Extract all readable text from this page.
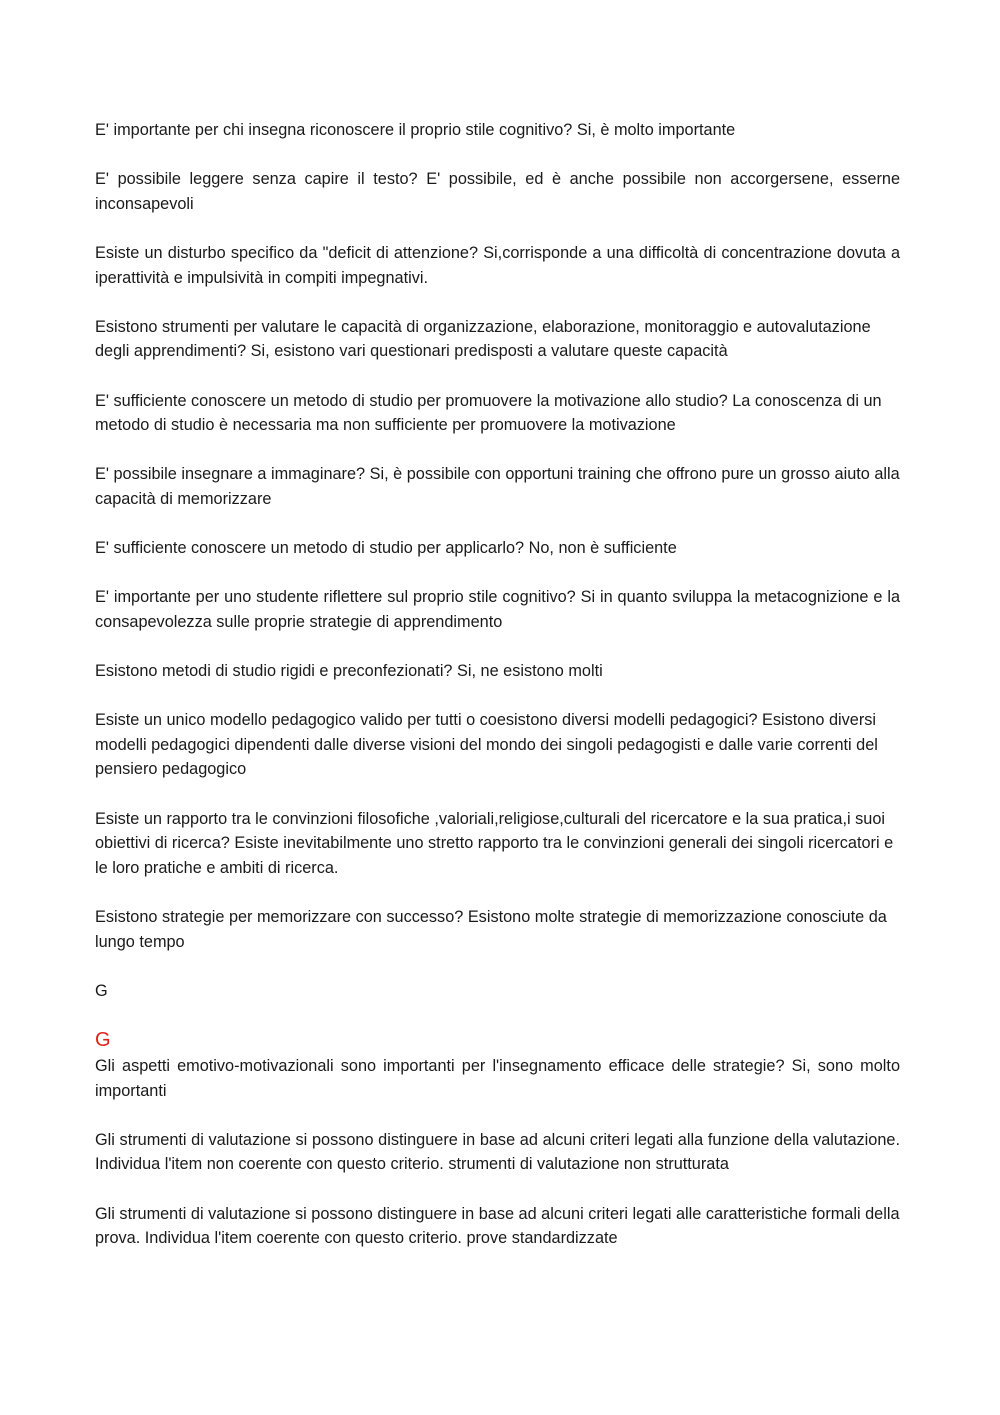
E' importante per chi insegna riconoscere il proprio stile cognitivo? Si, è molto importante

E' possibile leggere senza capire il testo? E' possibile, ed è anche possibile non accorgersene, esserne inconsapevoli

Esiste un disturbo specifico da "deficit di attenzione? Si,corrisponde a una difficoltà di concentrazione dovuta a iperattività e impulsività in compiti impegnativi.

Esistono strumenti per valutare le capacità di organizzazione, elaborazione, monitoraggio e autovalutazione degli apprendimenti? Si, esistono vari questionari predisposti a valutare queste capacità

E' sufficiente conoscere un metodo di studio per promuovere la motivazione allo studio? La conoscenza di un metodo di studio è necessaria ma non sufficiente per promuovere la motivazione

E' possibile insegnare a immaginare? Si, è possibile con opportuni training che offrono pure un grosso aiuto alla capacità di memorizzare

E' sufficiente conoscere un metodo di studio per applicarlo? No, non è sufficiente

E' importante per uno studente riflettere sul proprio stile cognitivo? Si in quanto sviluppa la metacognizione e la consapevolezza sulle proprie strategie di apprendimento

Esistono metodi di studio rigidi e preconfezionati? Si, ne esistono molti

Esiste un unico modello pedagogico valido per tutti o coesistono diversi modelli pedagogici? Esistono diversi modelli pedagogici dipendenti dalle diverse visioni del mondo dei singoli pedagogisti e dalle varie correnti del pensiero pedagogico

Esiste un rapporto tra le convinzioni filosofiche ,valoriali,religiose,culturali del ricercatore e la sua pratica,i suoi obiettivi di ricerca? Esiste inevitabilmente uno stretto rapporto tra le convinzioni generali dei singoli ricercatori e le loro pratiche e ambiti di ricerca.

Esistono strategie per memorizzare con successo? Esistono molte strategie di memorizzazione conosciute da lungo tempo

G

G

Gli aspetti emotivo-motivazionali sono importanti per l'insegnamento efficace delle strategie? Si, sono molto importanti

Gli strumenti di valutazione si possono distinguere in base ad alcuni criteri legati alla funzione della valutazione. Individua l'item non coerente con questo criterio. strumenti di valutazione non strutturata

Gli strumenti di valutazione si possono distinguere in base ad alcuni criteri legati alle caratteristiche formali della prova. Individua l'item coerente con questo criterio. prove standardizzate
